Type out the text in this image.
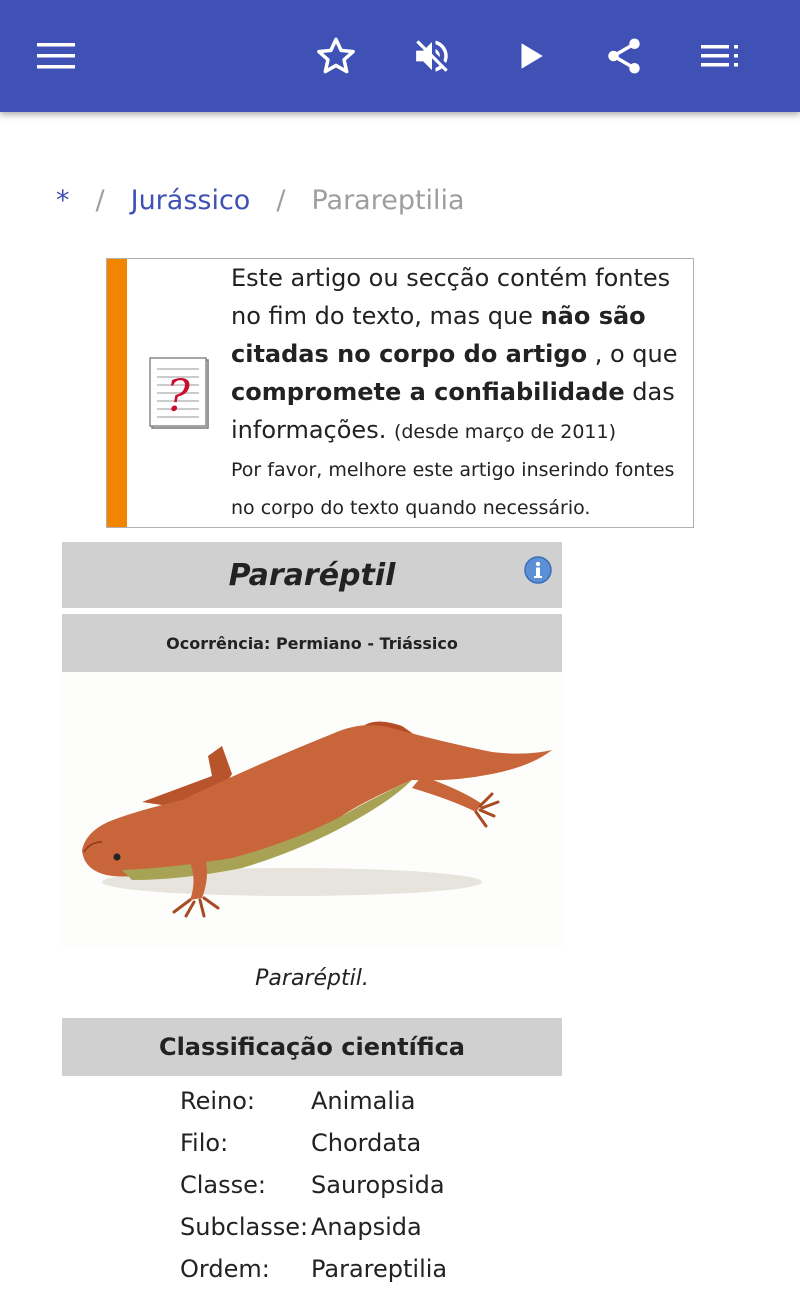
* / Jurássico / Parareptilia
?
Este artigo ou secção contém fontes no fim do texto, mas que não são citadas no corpo do artigo , o que compromete a confiabilidade das informações. (desde março de 2011)
Por favor, melhore este artigo inserindo fontes no corpo do texto quando necessário.
Pararéptil
Ocorrência: Permiano - Triássico
Pararéptil.
Classificação científica
Reino:	Animalia
Filo:	Chordata
Classe:	Sauropsida
Subclasse: Anapsida
Ordem:	Parareptilia
